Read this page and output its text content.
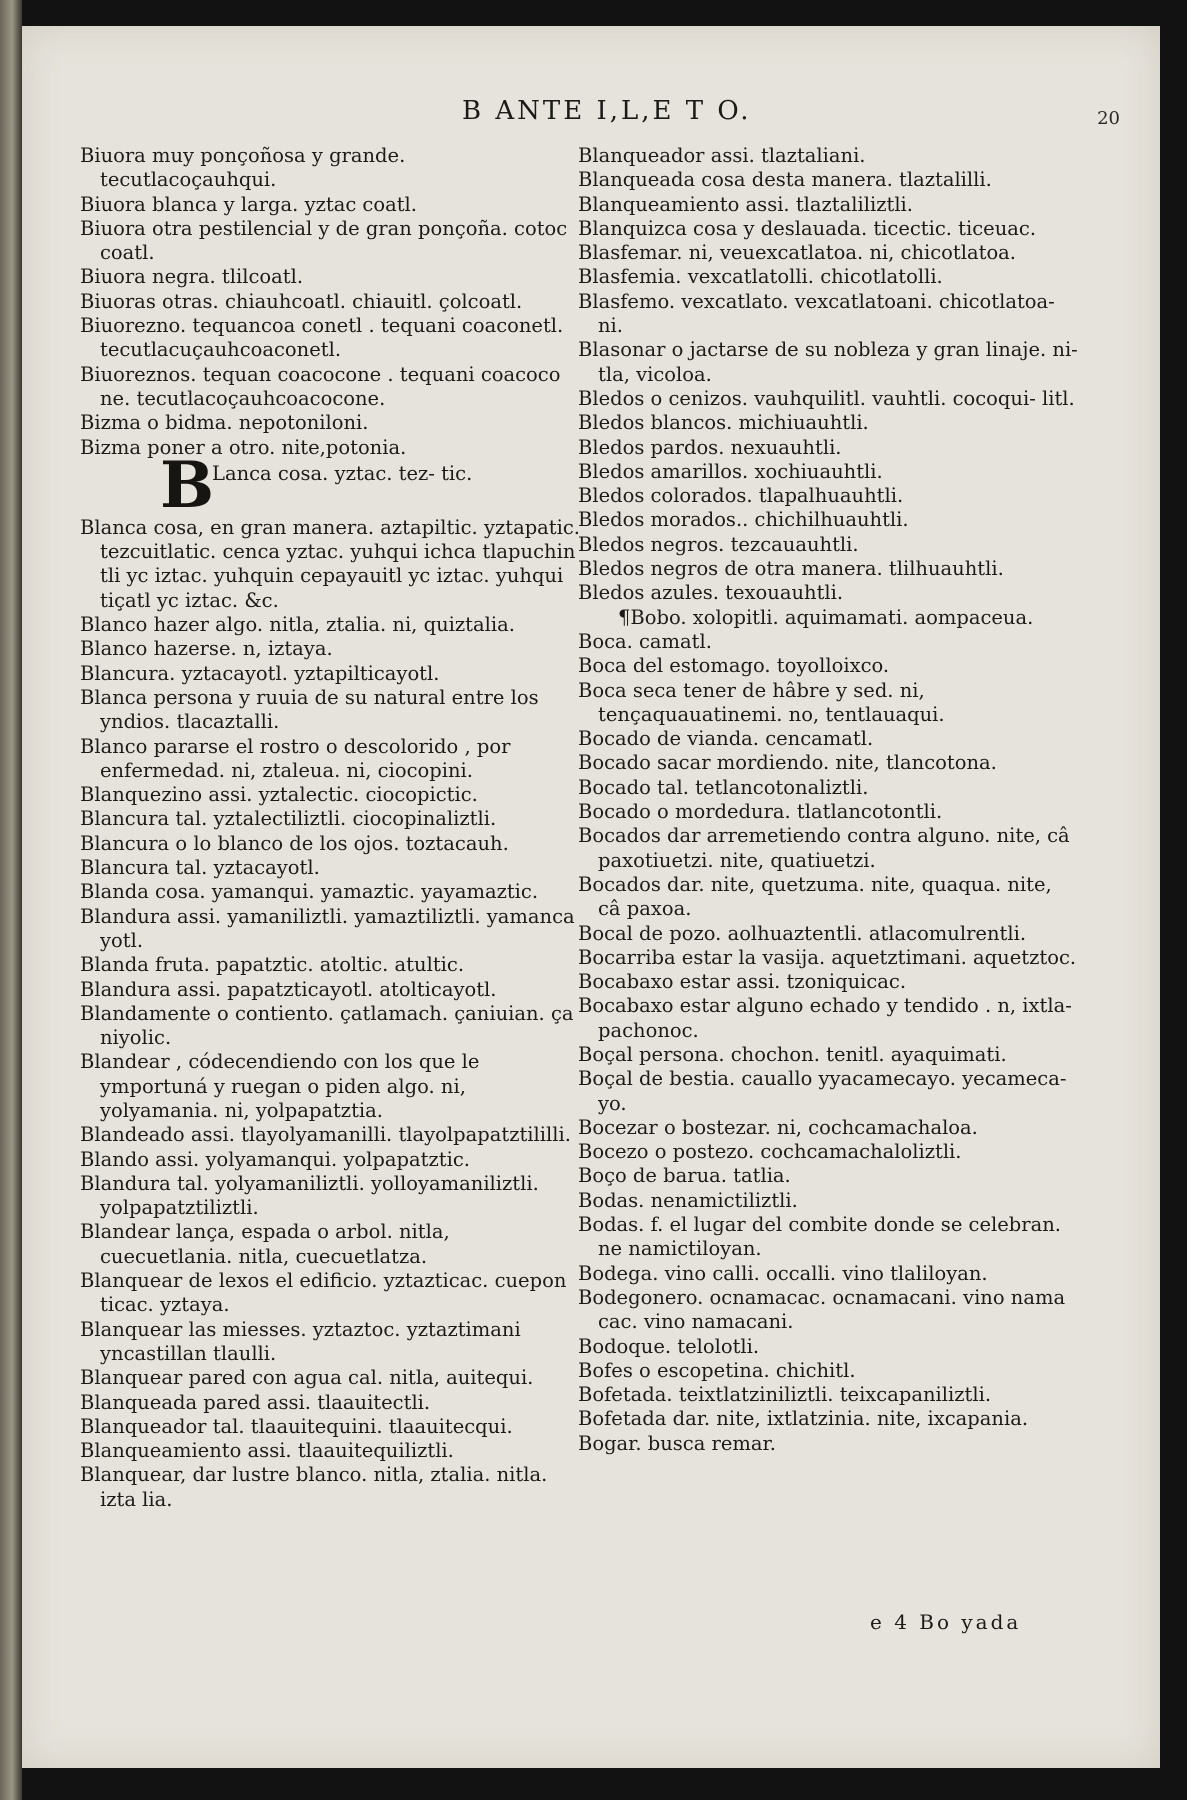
B ANTE I,L,E T O.	20

Biuora muy ponçoñosa y grande. tecutlacoçauhqui.

Biuora blanca y larga. yztac coatl.

Biuora otra pestilencial y de gran ponçoña. cotoc coatl.

Biuora negra. tlilcoatl.

Biuoras otras. chiauhcoatl. chiauitl. çolcoatl.

Biuorezno. tequancoa conetl . tequani coaconetl. tecutlacuçauhcoaconetl.

Biuoreznos. tequan coacocone . tequani coacoco ne. tecutlacoçauhcoacocone.

Bizma o bidma. nepotoniloni.

Bizma poner a otro. nite,potonia.

B
Lanca cosa. yztac. tez- tic.

Blanca cosa, en gran manera. aztapiltic. yztapatic. tezcuitlatic. cenca yztac. yuhqui ichca tlapuchin tli yc iztac. yuhquin cepayauitl yc iztac. yuhqui tiçatl yc iztac. &c.

Blanco hazer algo. nitla, ztalia. ni, quiztalia.

Blanco hazerse. n, iztaya.

Blancura. yztacayotl. yztapilticayotl.

Blanca persona y ruuia de su natural entre los yndios. tlacaztalli.

Blanco pararse el rostro o descolorido , por enfermedad. ni, ztaleua. ni, ciocopini.

Blanquezino assi. yztalectic. ciocopictic.

Blancura tal. yztalectiliztli. ciocopinaliztli.

Blancura o lo blanco de los ojos. toztacauh.

Blancura tal. yztacayotl.

Blanda cosa. yamanqui. yamaztic. yayamaztic.

Blandura assi. yamaniliztli. yamaztiliztli. yamanca yotl.

Blanda fruta. papatztic. atoltic. atultic.

Blandura assi. papatzticayotl. atolticayotl.

Blandamente o contiento. çatlamach. çaniuian. ça niyolic.

Blandear , códecendiendo con los que le ymportuná y ruegan o piden algo. ni, yolyamania. ni, yolpapatztia.

Blandeado assi. tlayolyamanilli. tlayolpapatztililli.

Blando assi. yolyamanqui. yolpapatztic.

Blandura tal. yolyamaniliztli. yolloyamaniliztli. yolpapatztiliztli.

Blandear lança, espada o arbol. nitla, cuecuetlania. nitla, cuecuetlatza.

Blanquear de lexos el edificio. yztazticac. cuepon ticac. yztaya.

Blanquear las miesses. yztaztoc. yztaztimani yncastillan tlaulli.

Blanquear pared con agua cal. nitla, auitequi.

Blanqueada pared assi. tlaauitectli.

Blanqueador tal. tlaauitequini. tlaauitecqui.

Blanqueamiento assi. tlaauitequiliztli.

Blanquear, dar lustre blanco. nitla, ztalia. nitla. izta lia.

Blanqueador assi. tlaztaliani.

Blanqueada cosa desta manera. tlaztalilli.

Blanqueamiento assi. tlaztaliliztli.

Blanquizca cosa y deslauada. ticectic. ticeuac.

Blasfemar. ni, veuexcatlatoa. ni, chicotlatoa.

Blasfemia. vexcatlatolli. chicotlatolli.

Blasfemo. vexcatlato. vexcatlatoani. chicotlatoa- ni.

Blasonar o jactarse de su nobleza y gran linaje. ni- tla, vicoloa.

Bledos o cenizos. vauhquilitl. vauhtli. cocoqui- litl.

Bledos blancos. michiuauhtli.

Bledos pardos. nexuauhtli.

Bledos amarillos. xochiuauhtli.

Bledos colorados. tlapalhuauhtli.

Bledos morados.. chichilhuauhtli.

Bledos negros. tezcauauhtli.

Bledos negros de otra manera. tlilhuauhtli.

Bledos azules. texouauhtli.

¶Bobo. xolopitli. aquimamati. aompaceua.

Boca. camatl.

Boca del estomago. toyolloixco.

Boca seca tener de hâbre y sed. ni, tençaquauatinemi. no, tentlauaqui.

Bocado de vianda. cencamatl.

Bocado sacar mordiendo. nite, tlancotona.

Bocado tal. tetlancotonaliztli.

Bocado o mordedura. tlatlancotontli.

Bocados dar arremetiendo contra alguno. nite, câ paxotiuetzi. nite, quatiuetzi.

Bocados dar. nite, quetzuma. nite, quaqua. nite, câ paxoa.

Bocal de pozo. aolhuaztentli. atlacomulrentli.

Bocarriba estar la vasija. aquetztimani. aquetztoc.

Bocabaxo estar assi. tzoniquicac.

Bocabaxo estar alguno echado y tendido . n, ixtla- pachonoc.

Boçal persona. chochon. tenitl. ayaquimati.

Boçal de bestia. cauallo yyacamecayo. yecameca- yo.

Bocezar o bostezar. ni, cochcamachaloa.

Bocezo o postezo. cochcamachaloliztli.

Boço de barua. tatlia.

Bodas. nenamictiliztli.

Bodas. f. el lugar del combite donde se celebran. ne namictiloyan.

Bodega. vino calli. occalli. vino tlaliloyan.

Bodegonero. ocnamacac. ocnamacani. vino nama cac. vino namacani.

Bodoque. telolotli.

Bofes o escopetina. chichitl.

Bofetada. teixtlatziniliztli. teixcapaniliztli.

Bofetada dar. nite, ixtlatzinia. nite, ixcapania.

Bogar. busca remar.

e 4 Bo yada
